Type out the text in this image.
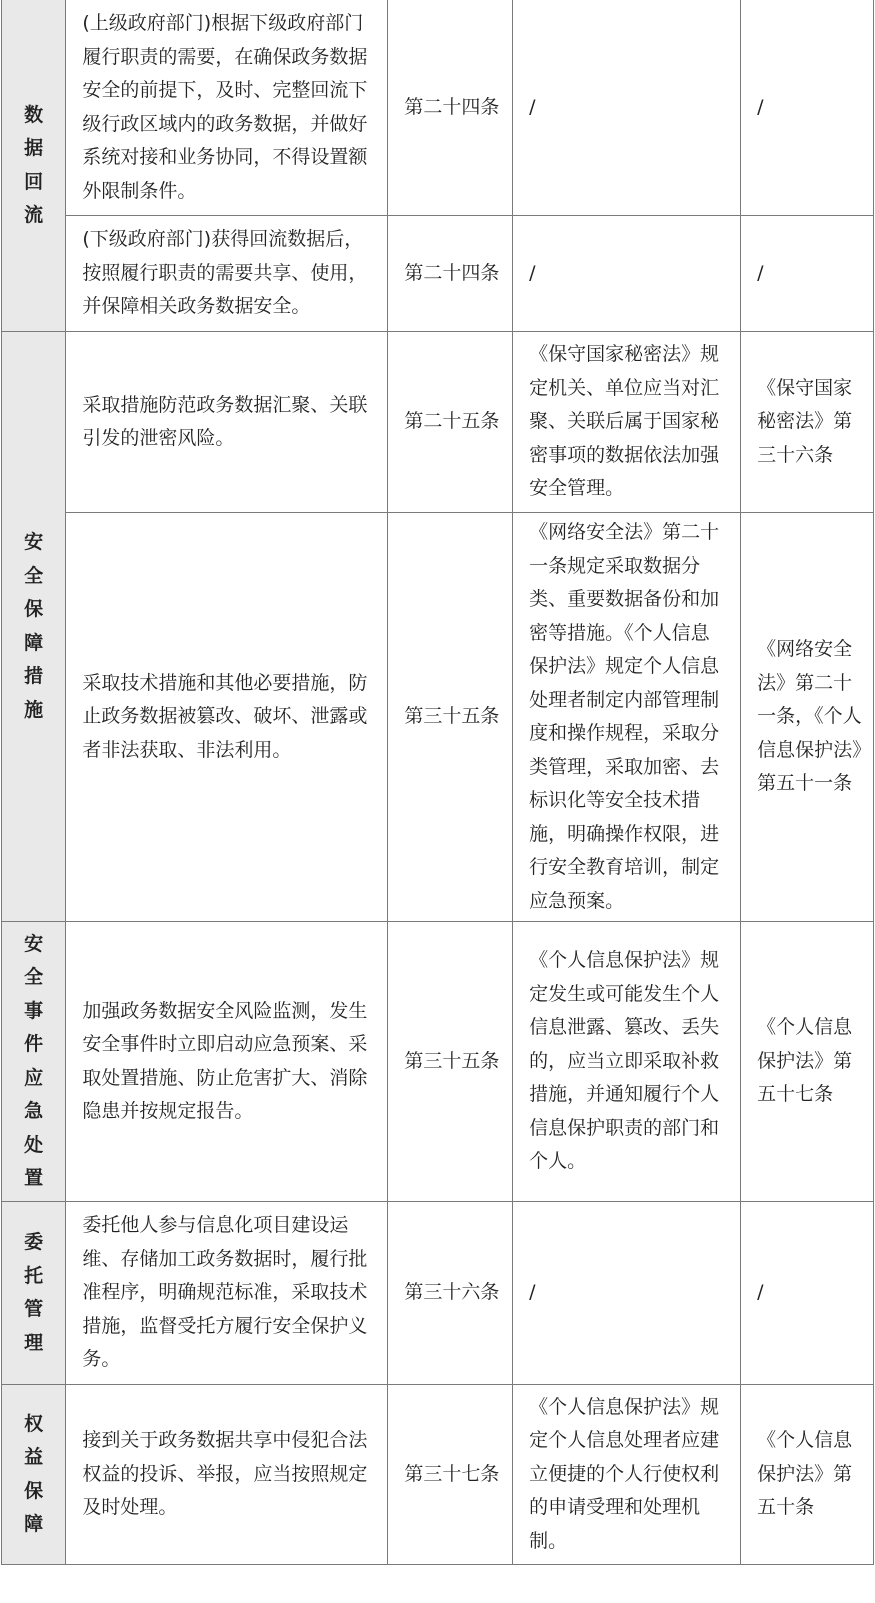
数据回流	(上级政府部门)根据下级政府部门履行职责的需要，在确保政务数据安全的前提下，及时、完整回流下级行政区域内的政务数据，并做好系统对接和业务协同，不得设置额外限制条件。	第二十四条	/	/

	(下级政府部门)获得回流数据后，按照履行职责的需要共享、使用，并保障相关政务数据安全。	第二十四条	/	/

安全保障措施	采取措施防范政务数据汇聚、关联引发的泄密风险。	第二十五条	《保守国家秘密法》规定机关、单位应当对汇聚、关联后属于国家秘密事项的数据依法加强安全管理。	《保守国家秘密法》第三十六条

	采取技术措施和其他必要措施，防止政务数据被篡改、破坏、泄露或者非法获取、非法利用。	第三十五条	《网络安全法》第二十一条规定采取数据分类、重要数据备份和加密等措施。《个人信息保护法》规定个人信息处理者制定内部管理制度和操作规程，采取分类管理，采取加密、去标识化等安全技术措施，明确操作权限，进行安全教育培训，制定应急预案。	《网络安全法》第二十一条，《个人信息保护法》第五十一条

安全事件应急处置	加强政务数据安全风险监测，发生安全事件时立即启动应急预案、采取处置措施、防止危害扩大、消除隐患并按规定报告。	第三十五条	《个人信息保护法》规定发生或可能发生个人信息泄露、篡改、丢失的，应当立即采取补救措施，并通知履行个人信息保护职责的部门和个人。	《个人信息保护法》第五十七条

委托管理	委托他人参与信息化项目建设运维、存储加工政务数据时，履行批准程序，明确规范标准，采取技术措施，监督受托方履行安全保护义务。	第三十六条	/	/

权益保障	接到关于政务数据共享中侵犯合法权益的投诉、举报，应当按照规定及时处理。	第三十七条	《个人信息保护法》规定个人信息处理者应建立便捷的个人行使权利的申请受理和处理机制。	《个人信息保护法》第五十条
